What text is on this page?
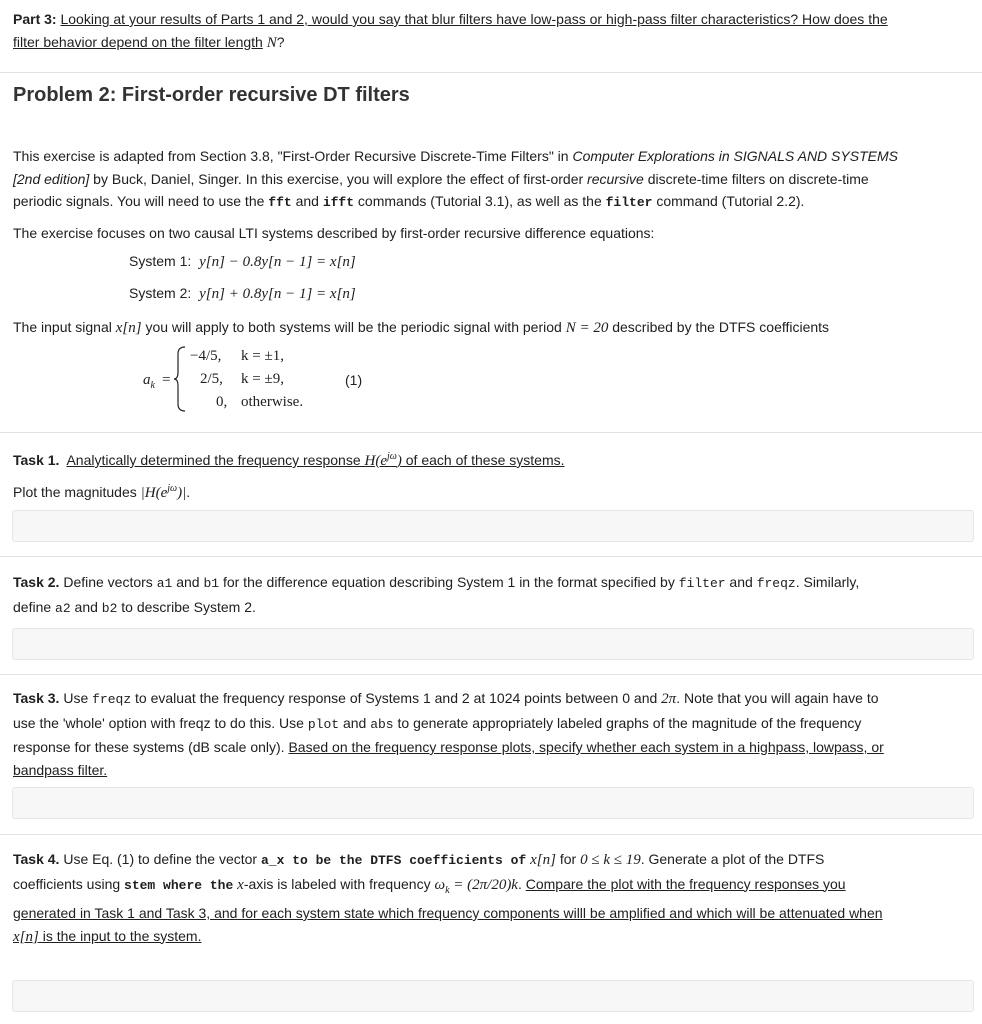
Part 3: Looking at your results of Parts 1 and 2, would you say that blur filters have low-pass or high-pass filter characteristics? How does the
filter behavior depend on the filter length N?
Problem 2: First-order recursive DT filters
This exercise is adapted from Section 3.8, "First-Order Recursive Discrete-Time Filters" in Computer Explorations in SIGNALS AND SYSTEMS
[2nd edition] by Buck, Daniel, Singer. In this exercise, you will explore the effect of first-order recursive discrete-time filters on discrete-time
periodic signals. You will need to use the fft and ifft commands (Tutorial 3.1), as well as the filter command (Tutorial 2.2).
The exercise focuses on two causal LTI systems described by first-order recursive difference equations:
System 1: y[n] − 0.8y[n − 1] = x[n]
System 2: y[n] + 0.8y[n − 1] = x[n]
The input signal x[n] you will apply to both systems will be the periodic signal with period N = 20 described by the DTFS coefficients
$a_k$ =
−4/5, k = ±1,
2/5, k = ±9,
0, otherwise.
(1)
Task 1. Analytically determined the frequency response $H(e^{j\omega})$ of each of these systems.
Plot the magnitudes $|H(e^{j\omega})|$.
Task 2. Define vectors a1 and b1 for the difference equation describing System 1 in the format specified by filter and freqz. Similarly,
define a2 and b2 to describe System 2.
Task 3. Use freqz to evaluat the frequency response of Systems 1 and 2 at 1024 points between 0 and 2π. Note that you will again have to
use the 'whole' option with freqz to do this. Use plot and abs to generate appropriately labeled graphs of the magnitude of the frequency
response for these systems (dB scale only). Based on the frequency response plots, specify whether each system in a highpass, lowpass, or
bandpass filter.
Task 4. Use Eq. (1) to define the vector a_x to be the DTFS coefficients of x[n] for 0 ≤ k ≤ 19. Generate a plot of the DTFS
coefficients using stem where the x-axis is labeled with frequency $\omega_k = (2\pi/20)k$. Compare the plot with the frequency responses you
generated in Task 1 and Task 3, and for each system state which frequency components willl be amplified and which will be attenuated when
x[n] is the input to the system.
